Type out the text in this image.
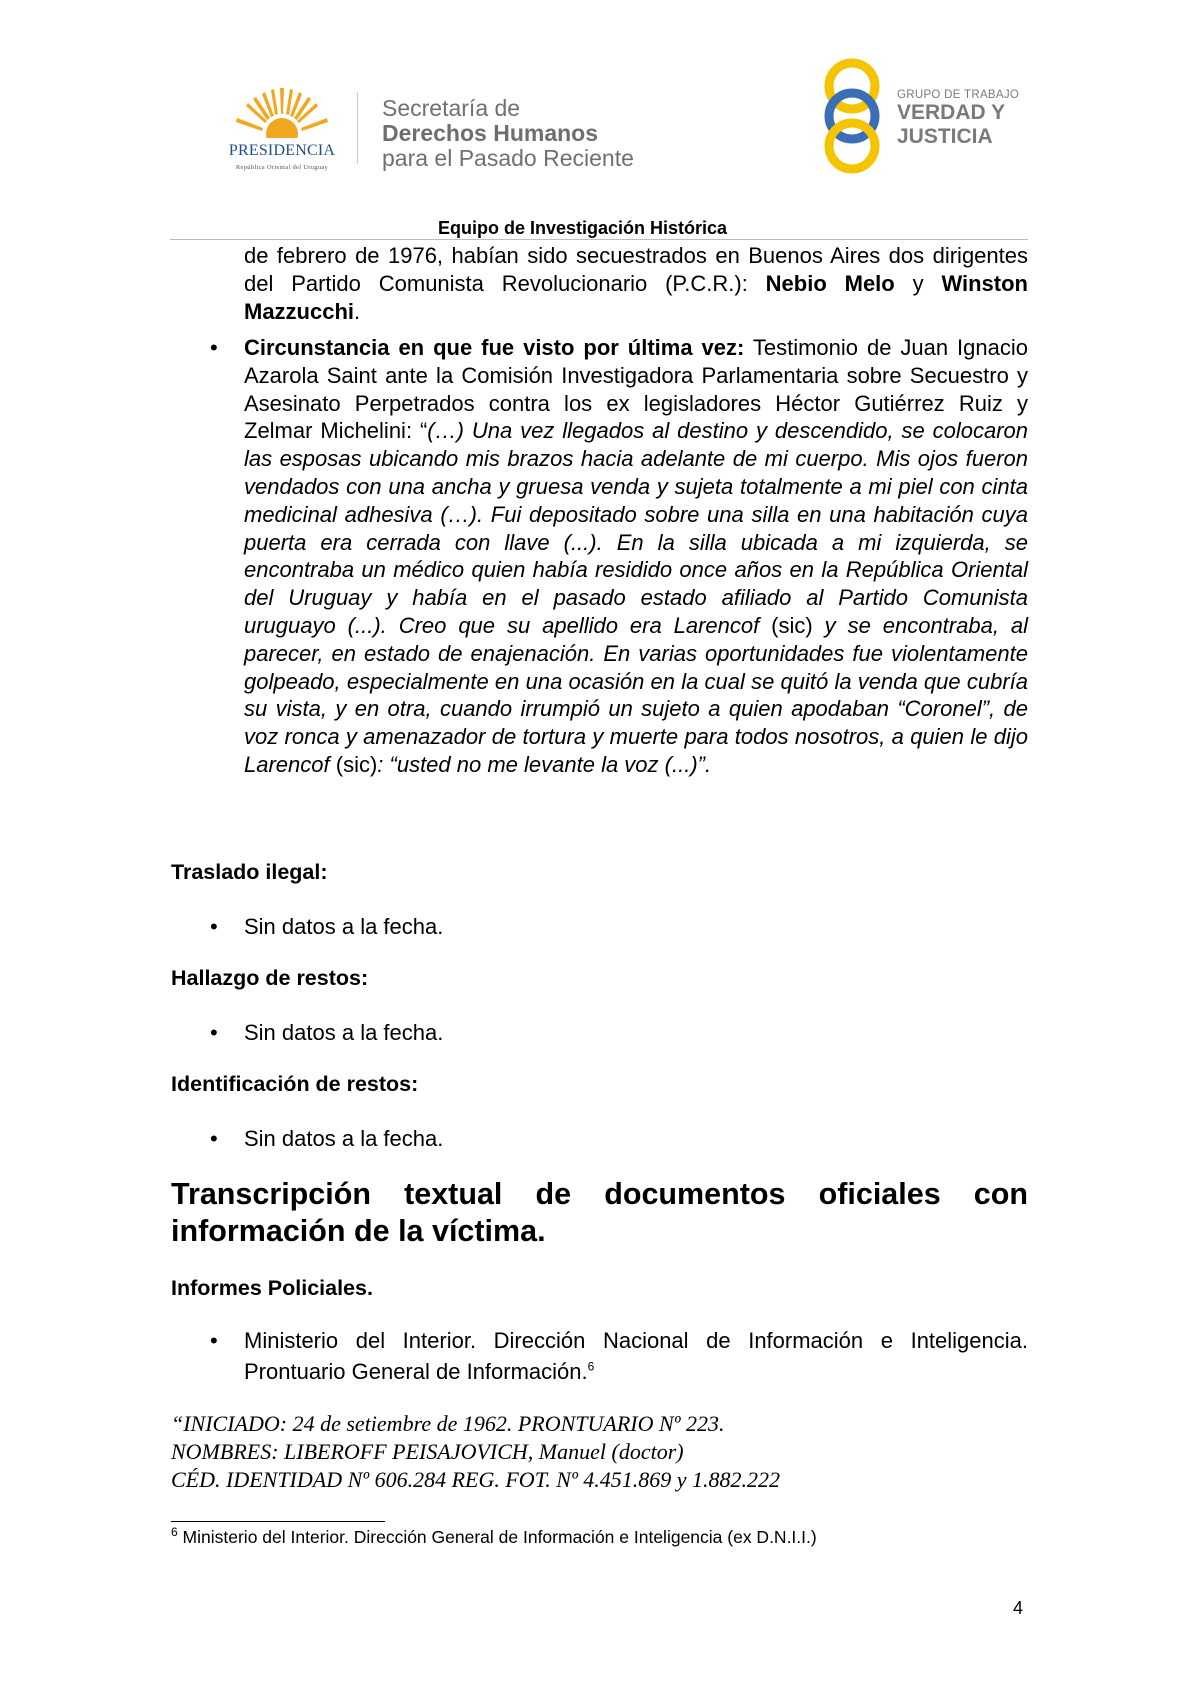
PRESIDENCIA
República Oriental del Uruguay
Secretaría de
Derechos Humanos
para el Pasado Reciente
GRUPO DE TRABAJO
VERDAD Y
JUSTICIA
Equipo de Investigación Histórica

de febrero de 1976, habían sido secuestrados en Buenos Aires dos dirigentes del Partido Comunista Revolucionario (P.C.R.): Nebio Melo y Winston Mazzucchi.

• Circunstancia en que fue visto por última vez: Testimonio de Juan Ignacio Azarola Saint ante la Comisión Investigadora Parlamentaria sobre Secuestro y Asesinato Perpetrados contra los ex legisladores Héctor Gutiérrez Ruiz y Zelmar Michelini: “(…) Una vez llegados al destino y descendido, se colocaron las esposas ubicando mis brazos hacia adelante de mi cuerpo. Mis ojos fueron vendados con una ancha y gruesa venda y sujeta totalmente a mi piel con cinta medicinal adhesiva (…). Fui depositado sobre una silla en una habitación cuya puerta era cerrada con llave (...). En la silla ubicada a mi izquierda, se encontraba un médico quien había residido once años en la República Oriental del Uruguay y había en el pasado estado afiliado al Partido Comunista uruguayo (...). Creo que su apellido era Larencof (sic) y se encontraba, al parecer, en estado de enajenación. En varias oportunidades fue violentamente golpeado, especialmente en una ocasión en la cual se quitó la venda que cubría su vista, y en otra, cuando irrumpió un sujeto a quien apodaban “Coronel”, de voz ronca y amenazador de tortura y muerte para todos nosotros, a quien le dijo Larencof (sic): “usted no me levante la voz (...)”.

Traslado ilegal:
• Sin datos a la fecha.
Hallazgo de restos:
• Sin datos a la fecha.
Identificación de restos:
• Sin datos a la fecha.
Transcripción textual de documentos oficiales con
información de la víctima.
Informes Policiales.
• Ministerio del Interior. Dirección Nacional de Información e Inteligencia. Prontuario General de Información.$^6$
“INICIADO: 24 de setiembre de 1962. PRONTUARIO Nº 223.
NOMBRES: LIBEROFF PEISAJOVICH, Manuel (doctor)
CÉD. IDENTIDAD Nº 606.284 REG. FOT. Nº 4.451.869 y 1.882.222
$^6$ Ministerio del Interior. Dirección General de Información e Inteligencia (ex D.N.I.I.)
4
